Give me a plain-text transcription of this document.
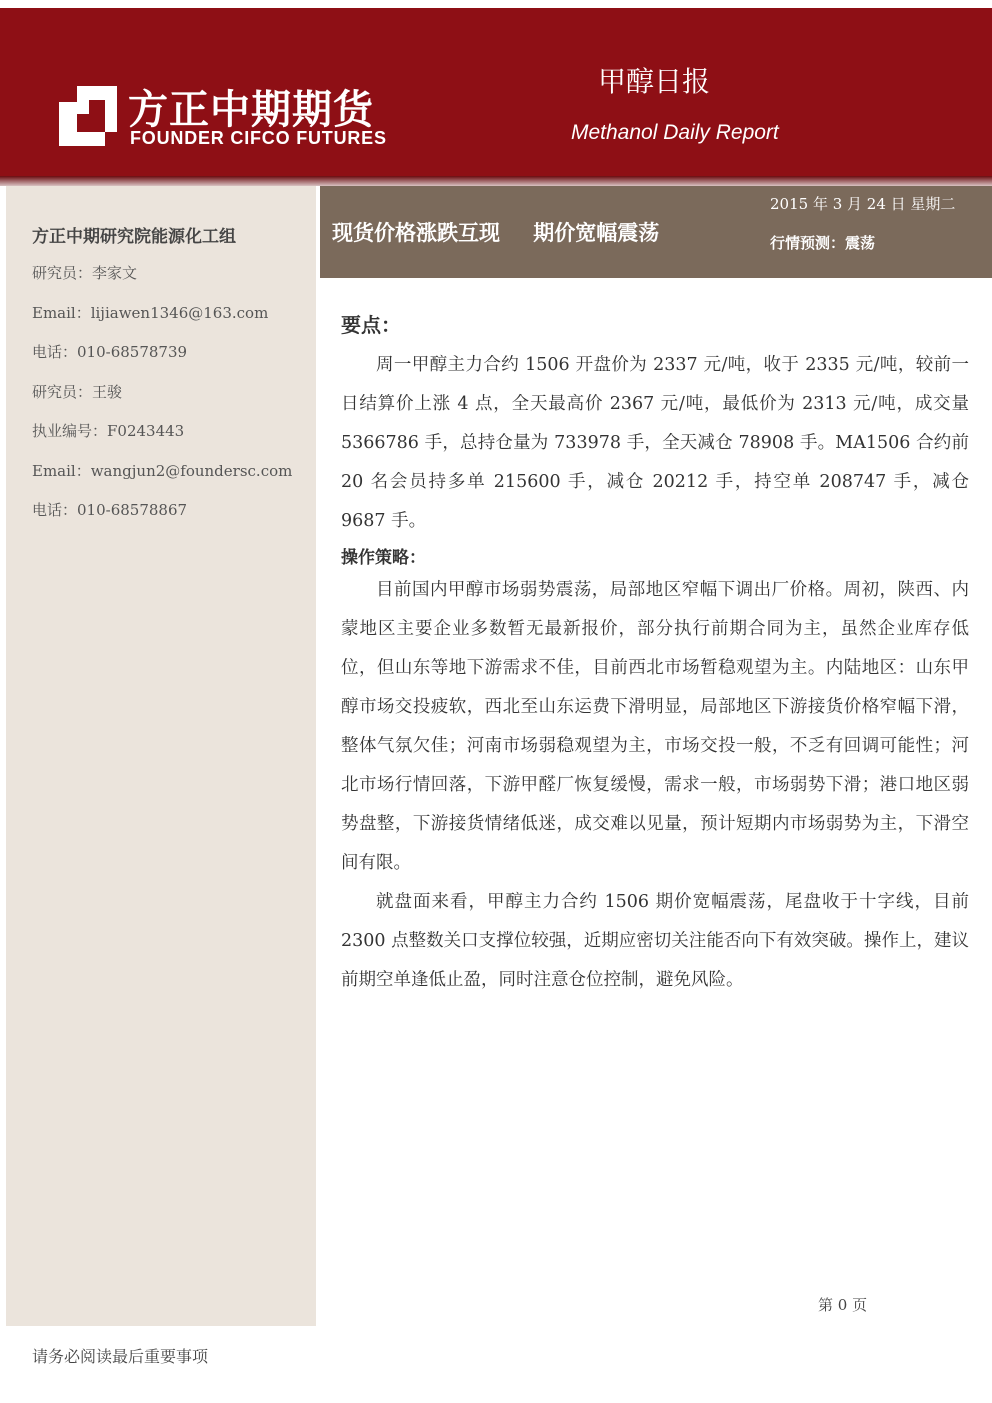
方正中期期货
FOUNDER CIFCO FUTURES
甲醇日报
Methanol Daily Report
方正中期研究院能源化工组
研究员：李家文
Email：lijiawen1346@163.com
电话：010-68578739
研究员：王骏
执业编号：F0243443
Email：wangjun2@foundersc.com
电话：010-68578867
现货价格涨跌互现 期价宽幅震荡
2015 年 3 月 24 日 星期二
行情预测：震荡
要点：

周一甲醇主力合约 1506 开盘价为 2337 元/吨，收于 2335 元/吨，较前一日结算价上涨 4 点，全天最高价 2367 元/吨，最低价为 2313 元/吨，成交量 5366786 手，总持仓量为 733978 手，全天减仓 78908 手。MA1506 合约前 20 名会员持多单 215600 手，减仓 20212 手，持空单 208747 手，减仓 9687 手。

操作策略：

目前国内甲醇市场弱势震荡，局部地区窄幅下调出厂价格。周初，陕西、内蒙地区主要企业多数暂无最新报价，部分执行前期合同为主，虽然企业库存低位，但山东等地下游需求不佳，目前西北市场暂稳观望为主。内陆地区：山东甲醇市场交投疲软，西北至山东运费下滑明显，局部地区下游接货价格窄幅下滑，整体气氛欠佳；河南市场弱稳观望为主，市场交投一般，不乏有回调可能性；河北市场行情回落，下游甲醛厂恢复缓慢，需求一般，市场弱势下滑；港口地区弱势盘整，下游接货情绪低迷，成交难以见量，预计短期内市场弱势为主，下滑空间有限。

就盘面来看，甲醇主力合约 1506 期价宽幅震荡，尾盘收于十字线，目前 2300 点整数关口支撑位较强，近期应密切关注能否向下有效突破。操作上，建议前期空单逢低止盈，同时注意仓位控制，避免风险。

第 0 页
请务必阅读最后重要事项
